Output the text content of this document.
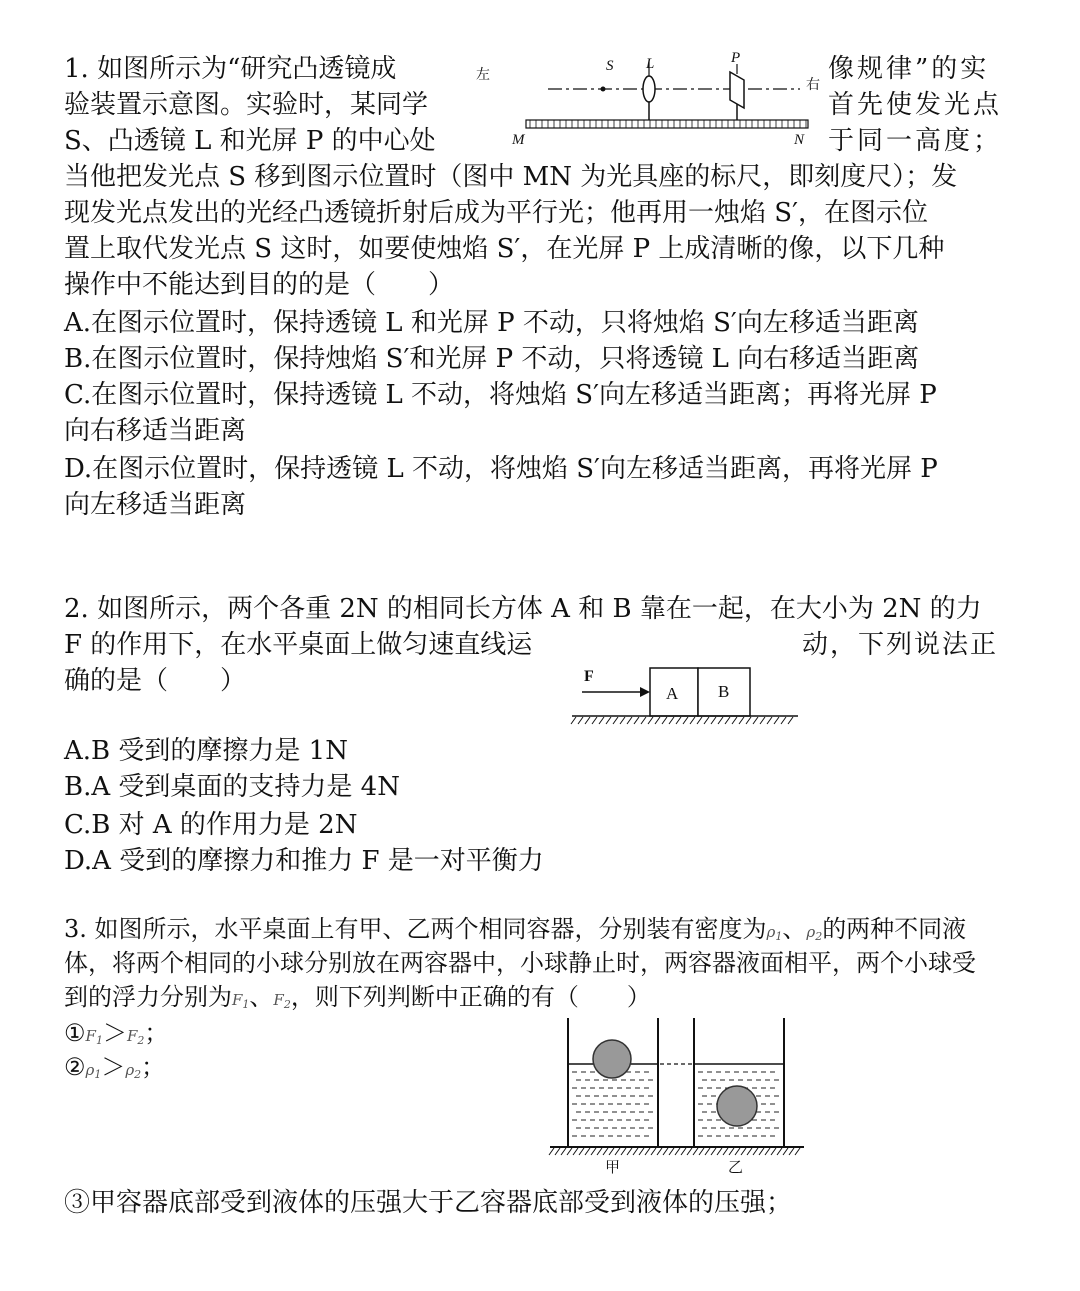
1. 如图所示为“研究凸透镜成	像规律”的实
验装置示意图。实验时，某同学	首先使发光点
S、凸透镜 L 和光屏 P 的中心处	于同一高度；
当他把发光点 S 移到图示位置时（图中 MN 为光具座的标尺，即刻度尺）；发
现发光点发出的光经凸透镜折射后成为平行光；他再用一烛焰 S′，在图示位
置上取代发光点 S 这时，如要使烛焰 S′，在光屏 P 上成清晰的像，以下几种
操作中不能达到目的的是（　　）
A.在图示位置时，保持透镜 L 和光屏 P 不动，只将烛焰 S′向左移适当距离
B.在图示位置时，保持烛焰 S′和光屏 P 不动，只将透镜 L 向右移适当距离
C.在图示位置时，保持透镜 L 不动，将烛焰 S′向左移适当距离；再将光屏 P
向右移适当距离
D.在图示位置时，保持透镜 L 不动，将烛焰 S′向左移适当距离，再将光屏 P
向左移适当距离
左
右
S L	P
M	N
2. 如图所示，两个各重 2N 的相同长方体 A 和 B 靠在一起，在大小为 2N 的力
F 的作用下，在水平桌面上做匀速直线运	动，下列说法正
确的是（　　）
A.B 受到的摩擦力是 1N
B.A 受到桌面的支持力是 4N
C.B 对 A 的作用力是 2N
D.A 受到的摩擦力和推力 F 是一对平衡力
F
A B
3. 如图所示，水平桌面上有甲、乙两个相同容器，分别装有密度为$\rho_1$、$\rho_2$的两种不同液
体，将两个相同的小球分别放在两容器中，小球静止时，两容器液面相平，两个小球受
到的浮力分别为$F_1$、$F_2$，则下列判断中正确的有（　　）
$①F_1>F_2$；
$②\rho_1>\rho_2$；
③甲容器底部受到液体的压强大于乙容器底部受到液体的压强；
甲	乙
